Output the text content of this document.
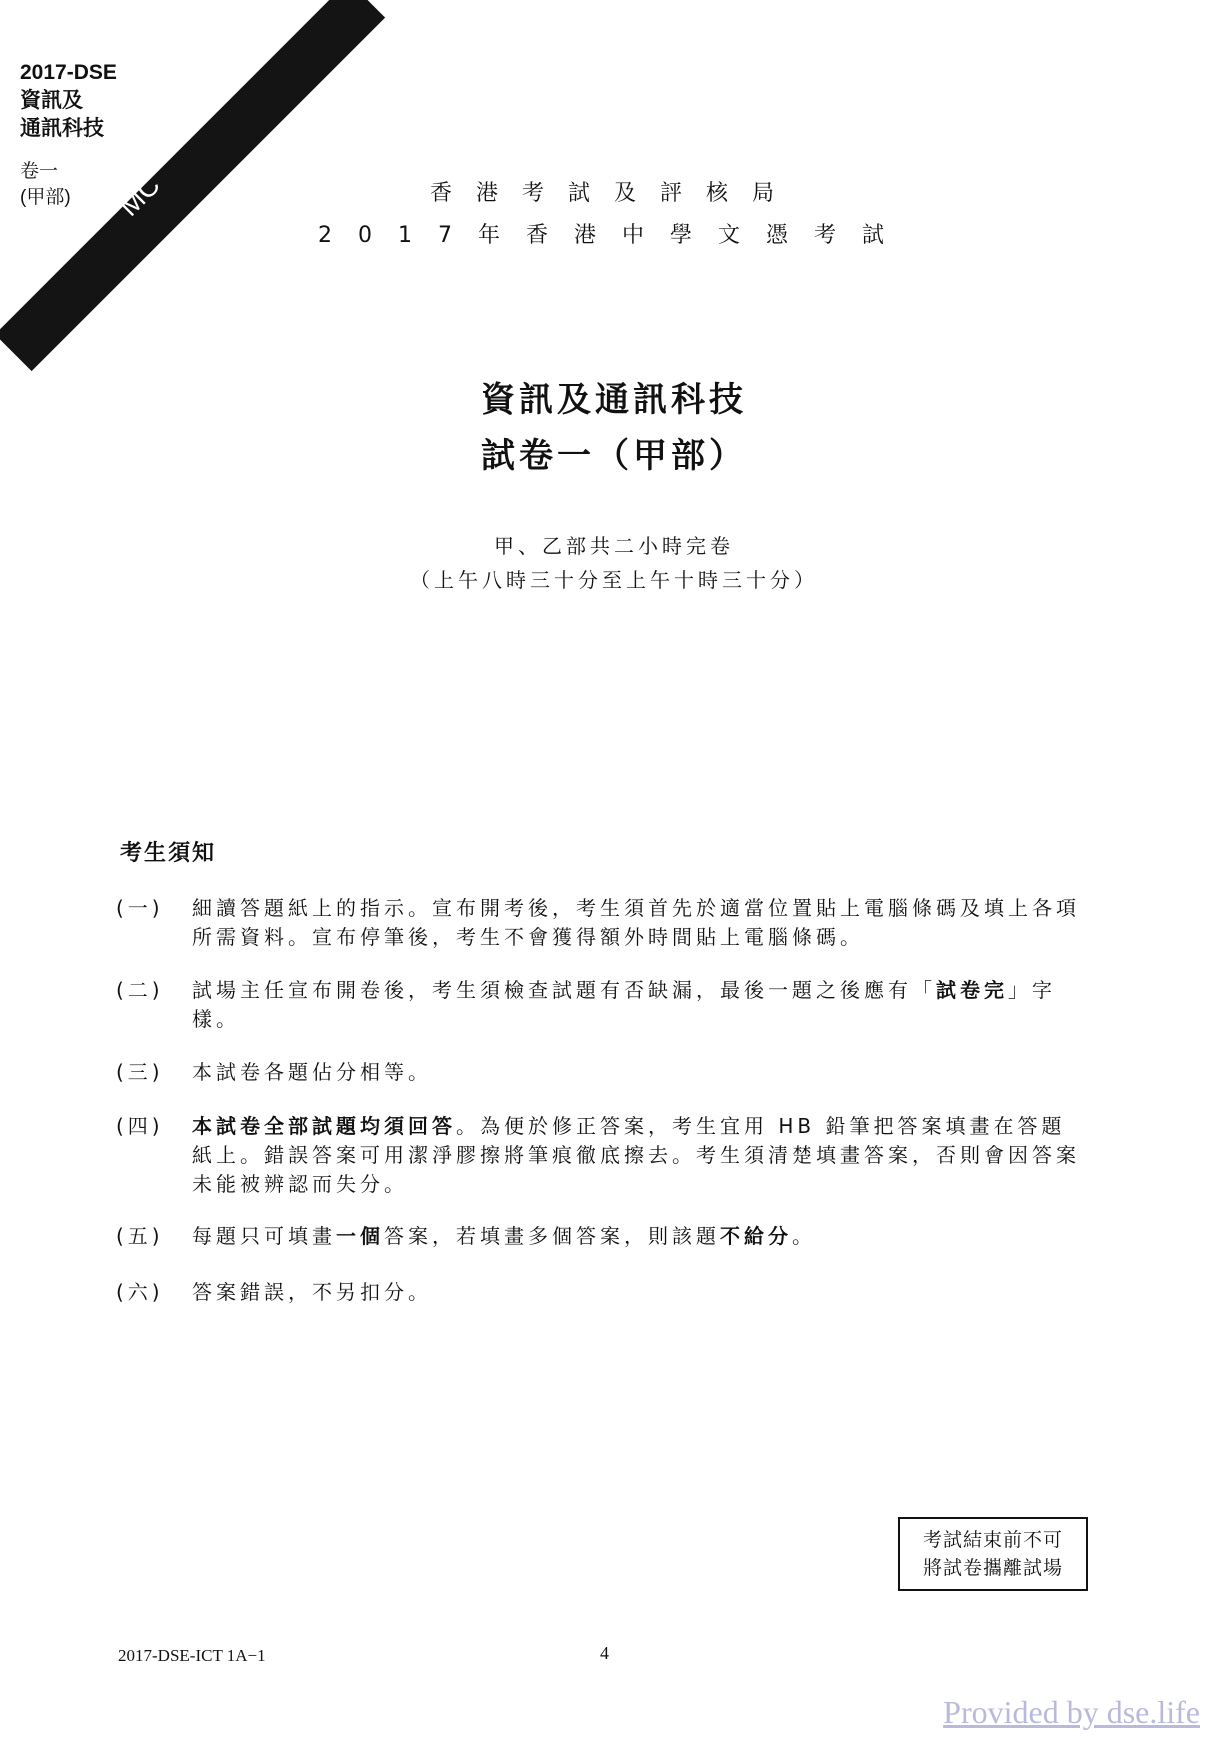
2017-DSE
資訊及
通訊科技
卷一
(甲部) MC	香港考試及評核局
2017年香港中學文憑考試
資訊及通訊科技
試卷一（甲部）
甲、乙部共二小時完卷
（上午八時三十分至上午十時三十分）
考生須知
(一) 細讀答題紙上的指示。宣布開考後，考生須首先於適當位置貼上電腦條碼及填上各項所需資料。宣布停筆後，考生不會獲得額外時間貼上電腦條碼。
(二) 試場主任宣布開卷後，考生須檢查試題有否缺漏，最後一題之後應有「試卷完」字樣。
(三) 本試卷各題佔分相等。
(四) 本試卷全部試題均須回答。為便於修正答案，考生宜用 HB 鉛筆把答案填畫在答題紙上。錯誤答案可用潔淨膠擦將筆痕徹底擦去。考生須清楚填畫答案，否則會因答案未能被辨認而失分。
(五) 每題只可填畫一個答案，若填畫多個答案，則該題不給分。
(六) 答案錯誤，不另扣分。
考試結束前不可
將試卷攜離試場
2017-DSE-ICT 1A−1	4
Provided by dse.life
